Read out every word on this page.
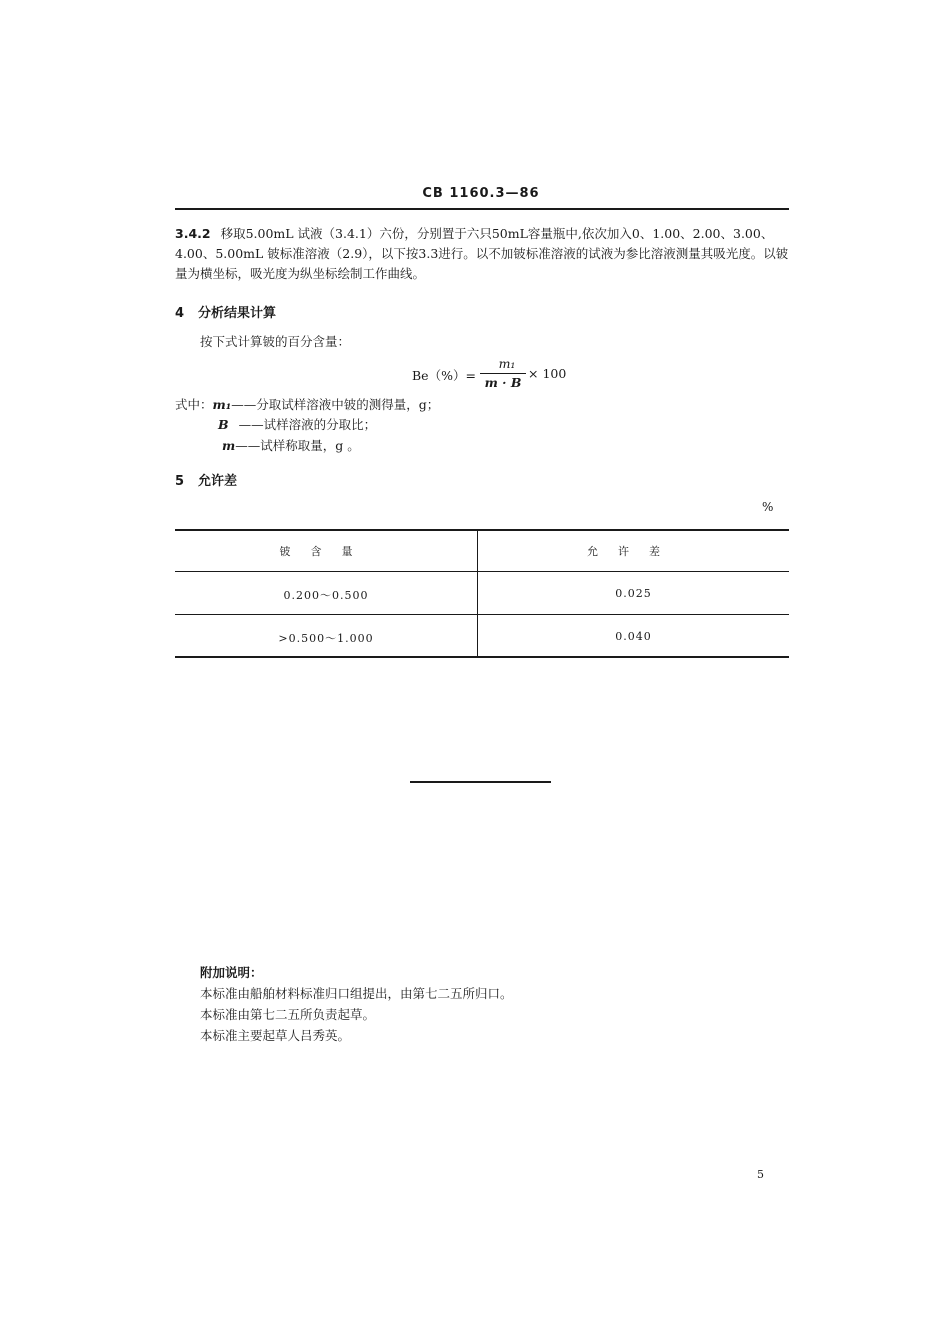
CB 1160.3—86
3.4.2 移取5.00mL 试液（3.4.1）六份，分别置于六只50mL容量瓶中,依次加入0、1.00、2.00、3.00、4.00、5.00mL 铍标准溶液（2.9），以下按3.3进行。以不加铍标准溶液的试液为参比溶液测量其吸光度。以铍量为横坐标，吸光度为纵坐标绘制工作曲线。
4 分析结果计算
按下式计算铍的百分含量：
Be（%）=
m₁
m · B
× 100
式中：m₁——分取试样溶液中铍的测得量，g；
B ——试样溶液的分取比；
m——试样称取量，g 。
5 允许差
%
铍含量	允许差
0.200～0.500	0.025
>0.500～1.000	0.040
附加说明：
本标准由船舶材料标准归口组提出，由第七二五所归口。
本标准由第七二五所负责起草。
本标准主要起草人吕秀英。
5
